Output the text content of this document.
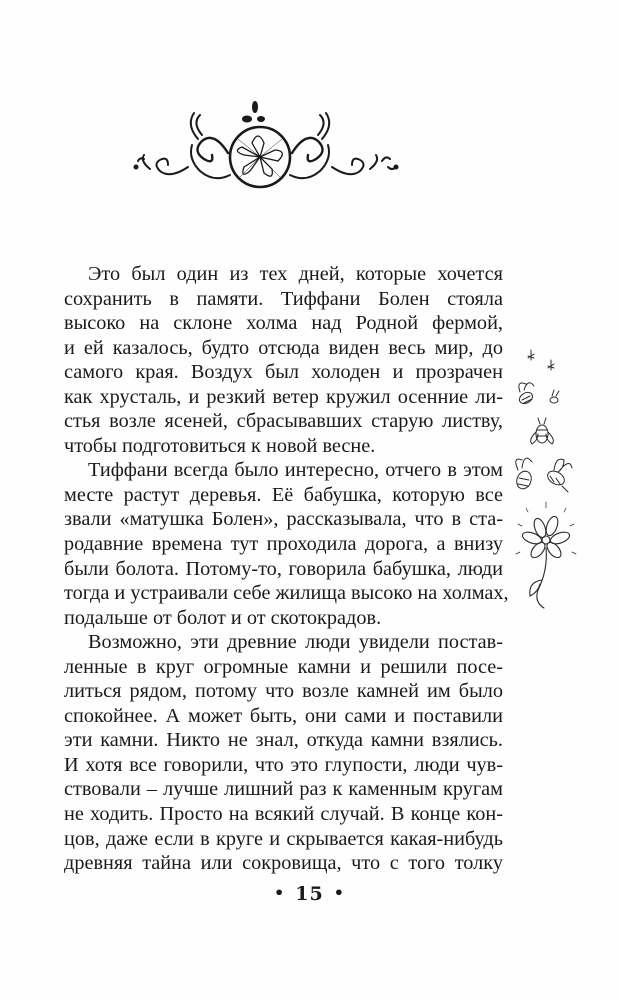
Это был один из тех дней, которые хочется
сохранить в памяти. Тиффани Болен стояла
высоко на склоне холма над Родной фермой,
и ей казалось, будто отсюда виден весь мир, до
самого края. Воздух был холоден и прозрачен
как хрусталь, и резкий ветер кружил осенние ли-
стья возле ясеней, сбрасывавших старую листву,
чтобы подготовиться к новой весне.
Тиффани всегда было интересно, отчего в этом
месте растут деревья. Её бабушка, которую все
звали «матушка Болен», рассказывала, что в ста-
родавние времена тут проходила дорога, а внизу
были болота. Потому-то, говорила бабушка, люди
тогда и устраивали себе жилища высоко на холмах,
подальше от болот и от скотокрадов.
Возможно, эти древние люди увидели постав-
ленные в круг огромные камни и решили посе-
литься рядом, потому что возле камней им было
спокойнее. А может быть, они сами и поставили
эти камни. Никто не знал, откуда камни взялись.
И хотя все говорили, что это глупости, люди чув-
ствовали – лучше лишний раз к каменным кругам
не ходить. Просто на всякий случай. В конце кон-
цов, даже если в круге и скрывается какая-нибудь
древняя тайна или сокровища, что с того толку
• 15 •
